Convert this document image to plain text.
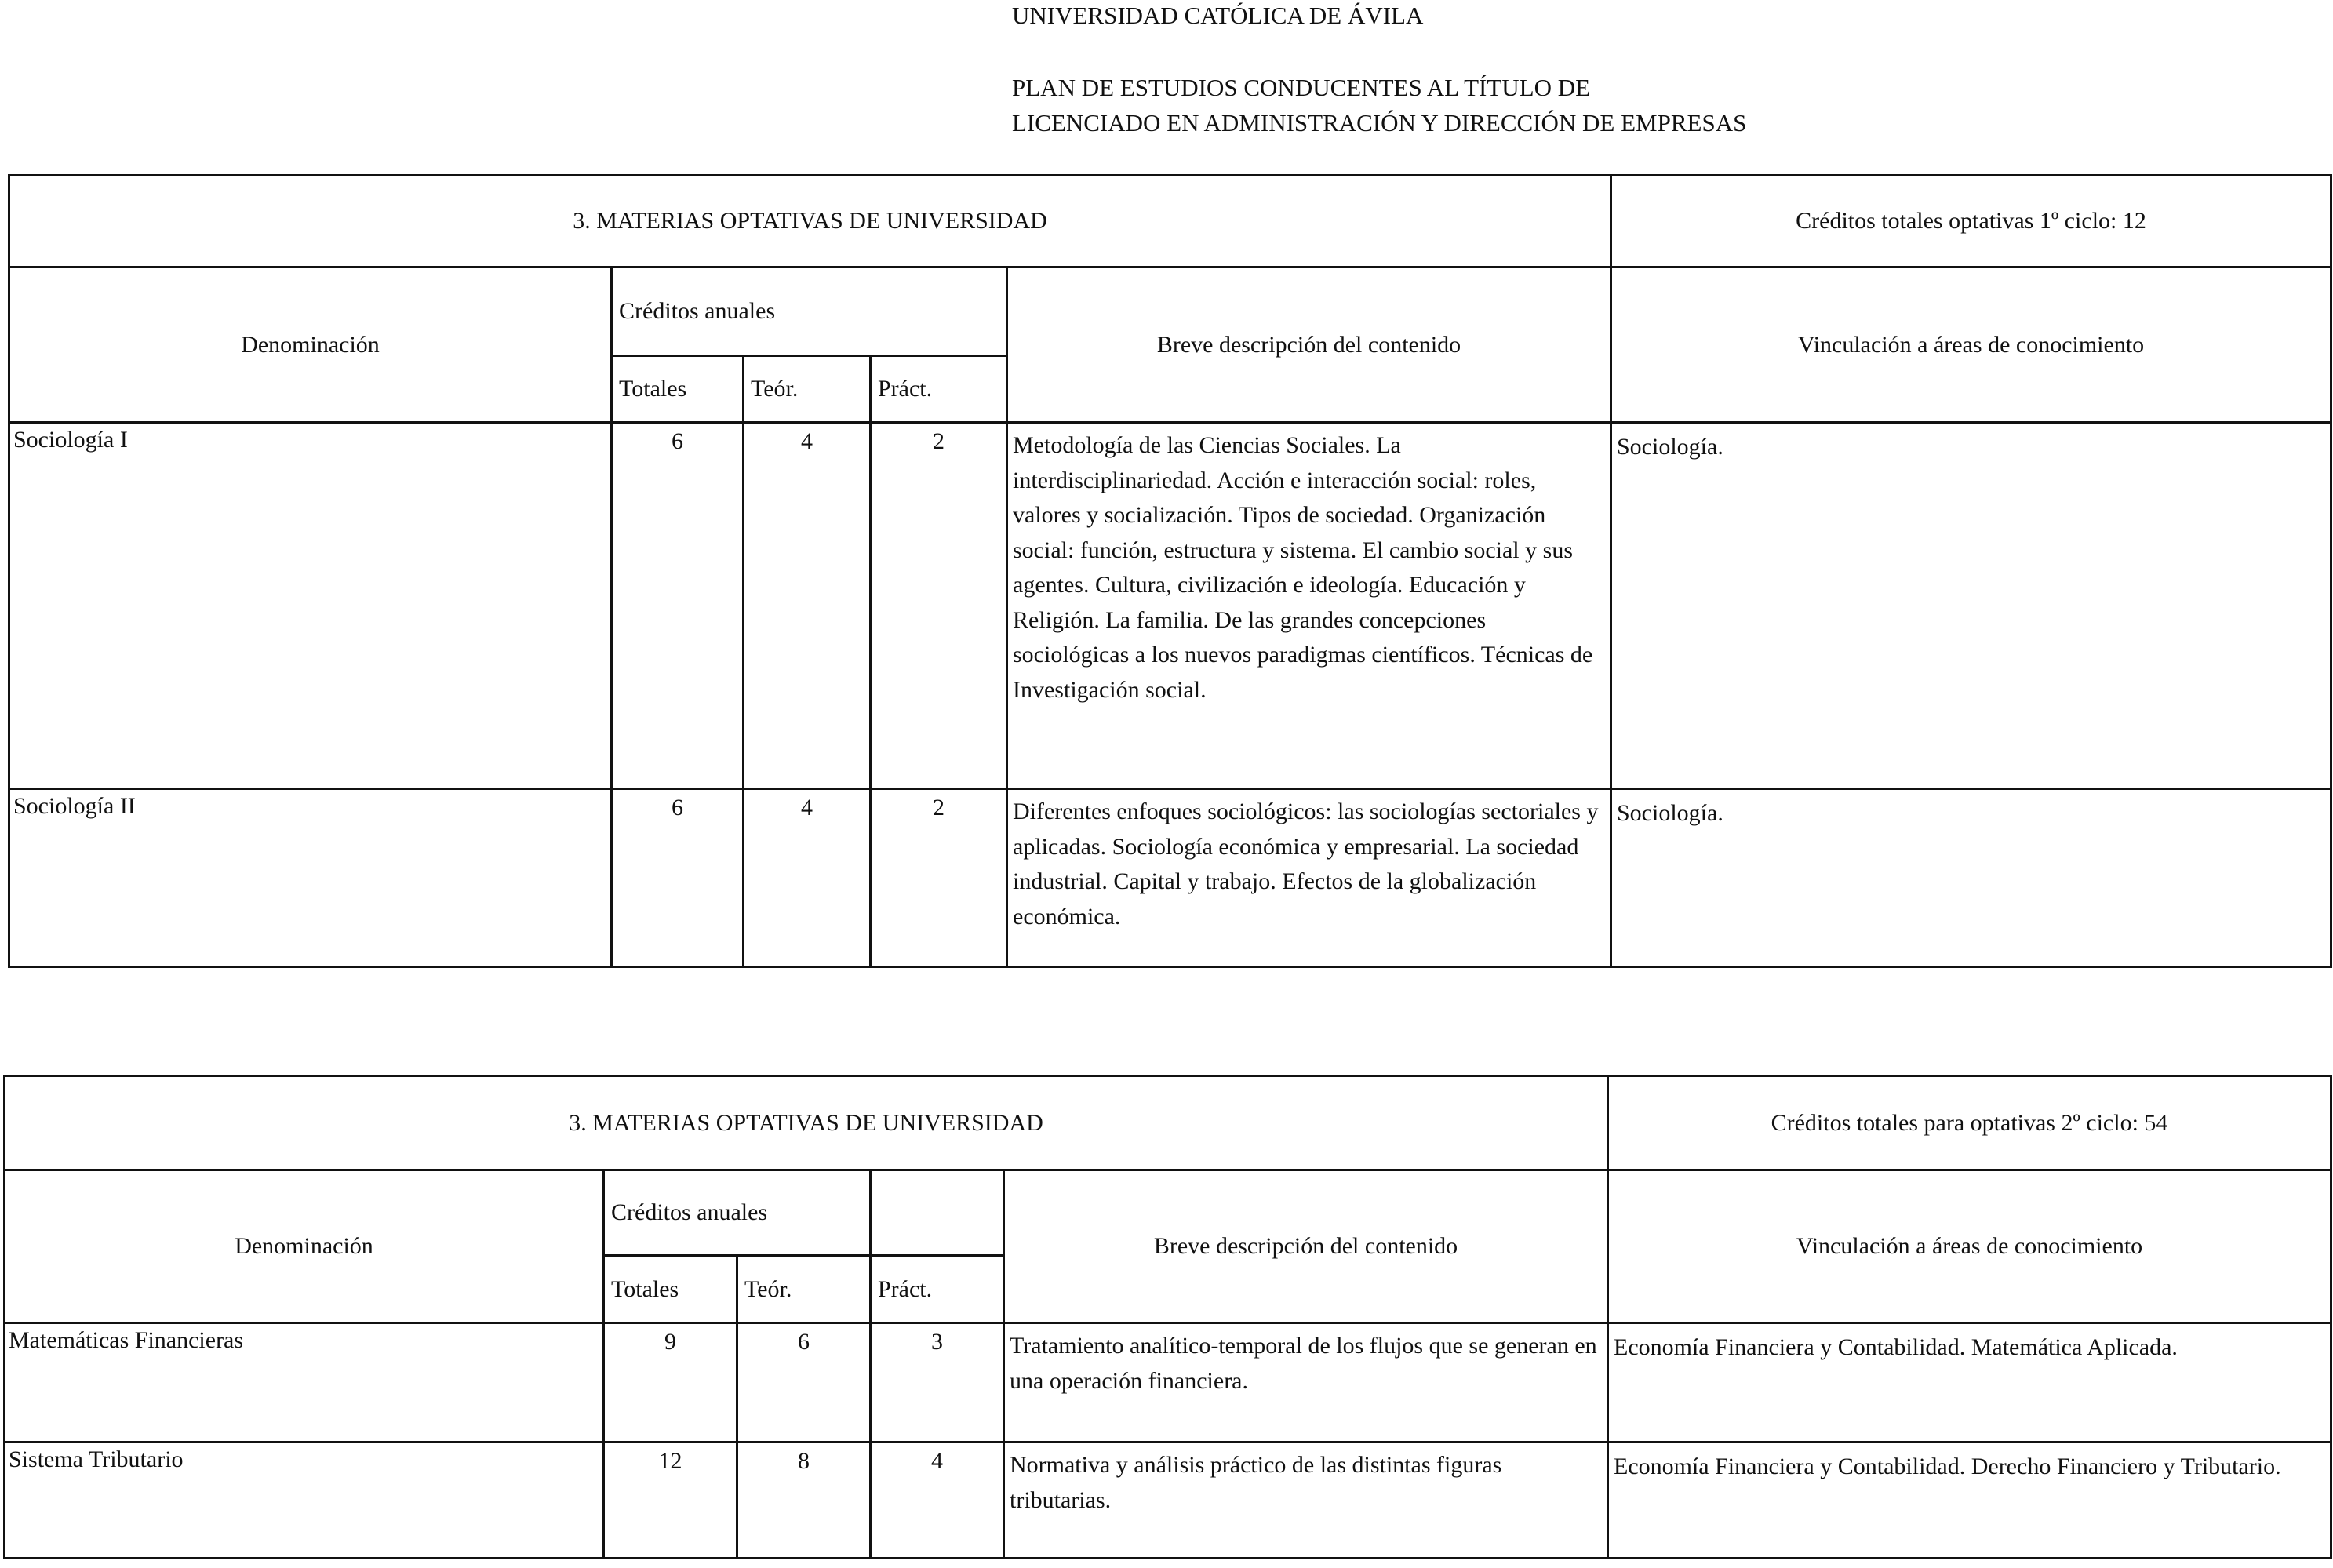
UNIVERSIDAD CATÓLICA DE ÁVILA
PLAN DE ESTUDIOS CONDUCENTES AL TÍTULO DE
LICENCIADO EN ADMINISTRACIÓN Y DIRECCIÓN DE EMPRESAS
3. MATERIAS OPTATIVAS DE UNIVERSIDAD					Créditos totales optativas 1º ciclo: 12
Denominación	Créditos anuales			Breve descripción del contenido	Vinculación a áreas de conocimiento
	Totales	Teór.	Práct.		
Sociología I	6	4	2	Metodología de las Ciencias Sociales. La interdisciplinariedad. Acción e interacción social: roles, valores y socialización. Tipos de sociedad. Organización social: función, estructura y sistema. El cambio social y sus agentes. Cultura, civilización e ideología. Educación y Religión. La familia. De las grandes concepciones sociológicas a los nuevos paradigmas científicos. Técnicas de Investigación social.	Sociología.
Sociología II	6	4	2	Diferentes enfoques sociológicos: las sociologías sectoriales y aplicadas. Sociología económica y empresarial. La sociedad industrial. Capital y trabajo. Efectos de la globalización económica.	Sociología.
3. MATERIAS OPTATIVAS DE UNIVERSIDAD					Créditos totales para optativas 2º ciclo: 54
Denominación	Créditos anuales			Breve descripción del contenido	Vinculación a áreas de conocimiento
	Totales	Teór.	Práct.		
Matemáticas Financieras	9	6	3	Tratamiento analítico-temporal de los flujos que se generan en una operación financiera.	Economía Financiera y Contabilidad. Matemática Aplicada.
Sistema Tributario	12	8	4	Normativa y análisis práctico de las distintas figuras tributarias.	Economía Financiera y Contabilidad. Derecho Financiero y Tributario.
